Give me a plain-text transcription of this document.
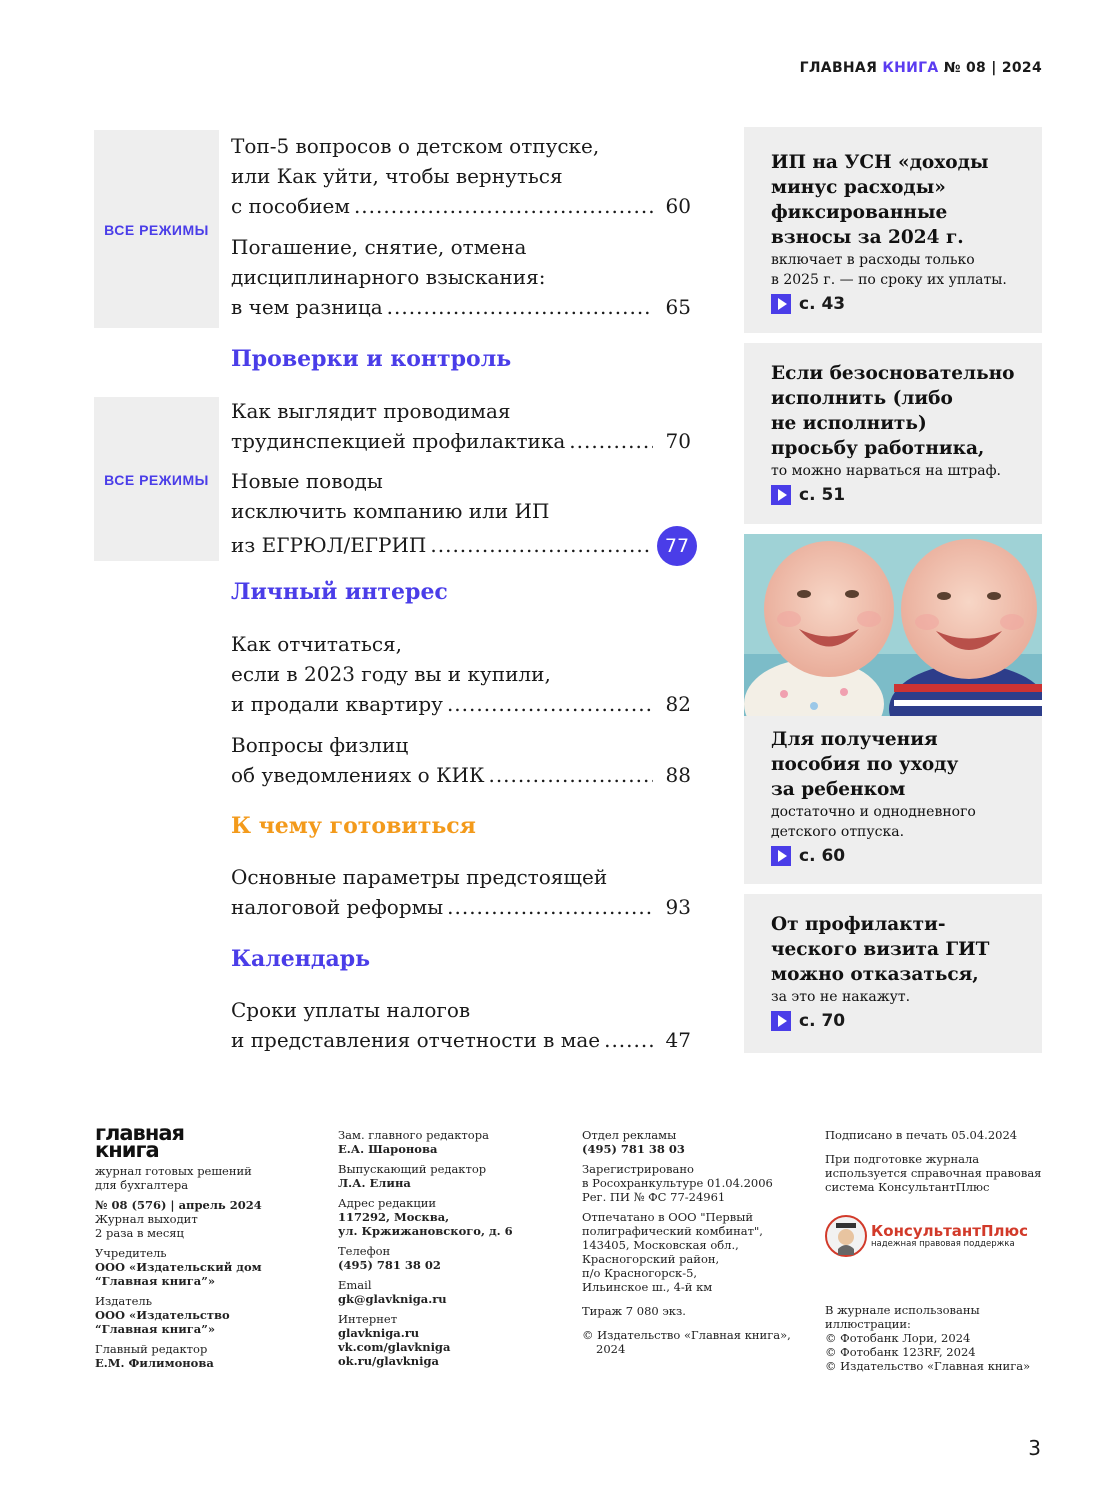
ГЛАВНАЯ КНИГА № 08 | 2024
ВСЕ РЕЖИМЫ
ВСЕ РЕЖИМЫ
Топ-5 вопросов о детском отпуске,
или Как уйти, чтобы вернуться
с пособием .....	60
Погашение, снятие, отмена
дисциплинарного взыскания:
в чем разница .....	65
Проверки и контроль
Как выглядит проводимая
трудинспекцией профилактика .....	70
Новые поводы
исключить компанию или ИП
из ЕГРЮЛ/ЕГРИП .....	77
Личный интерес
Как отчитаться,
если в 2023 году вы и купили,
и продали квартиру .....	82
Вопросы физлиц
об уведомлениях о КИК .....	88
К чему готовиться
Основные параметры предстоящей
налоговой реформы .....	93
Календарь
Сроки уплаты налогов
и представления отчетности в мае .....	47
ИП на УСН «доходы
минус расходы»
фиксированные
взносы за 2024 г.
включает в расходы только
в 2025 г. — по сроку их уплаты.
с. 43
Если безосновательно
исполнить (либо
не исполнить)
просьбу работника,
то можно нарваться на штраф.
с. 51
Для получения
пособия по уходу
за ребенком
достаточно и однодневного
детского отпуска.
с. 60
От профилакти-
ческого визита ГИТ
можно отказаться,
за это не накажут.
с. 70
главная
книга

журнал готовых решений
для бухгалтера

№ 08 (576) | апрель 2024
Журнал выходит
2 раза в месяц

Учредитель
ООО «Издательский дом
“Главная книга”»

Издатель
ООО «Издательство
“Главная книга”»

Главный редактор
Е.М. Филимонова

Зам. главного редактора
Е.А. Шаронова

Выпускающий редактор
Л.А. Елина

Адрес редакции
117292, Москва,
ул. Кржижановского, д. 6

Телефон
(495) 781 38 02

Email
gk@glavkniga.ru

Интернет
glavkniga.ru
vk.com/glavkniga
ok.ru/glavkniga

Отдел рекламы
(495) 781 38 03

Зарегистрировано
в Росохранкультуре 01.04.2006
Рег. ПИ № ФС 77-24961

Отпечатано в ООО "Первый
полиграфический комбинат",
143405, Московская обл.,
Красногорский район,
п/о Красногорск-5,
Ильинское ш., 4-й км

Тираж 7 080 экз.

© Издательство «Главная книга»,
2024

Подписано в печать 05.04.2024

При подготовке журнала
используется справочная правовая
система КонсультантПлюс

КонсультантПлюс
надежная правовая поддержка
В журнале использованы
иллюстрации:
© Фотобанк Лори, 2024
© Фотобанк 123RF, 2024
© Издательство «Главная книга»
3
